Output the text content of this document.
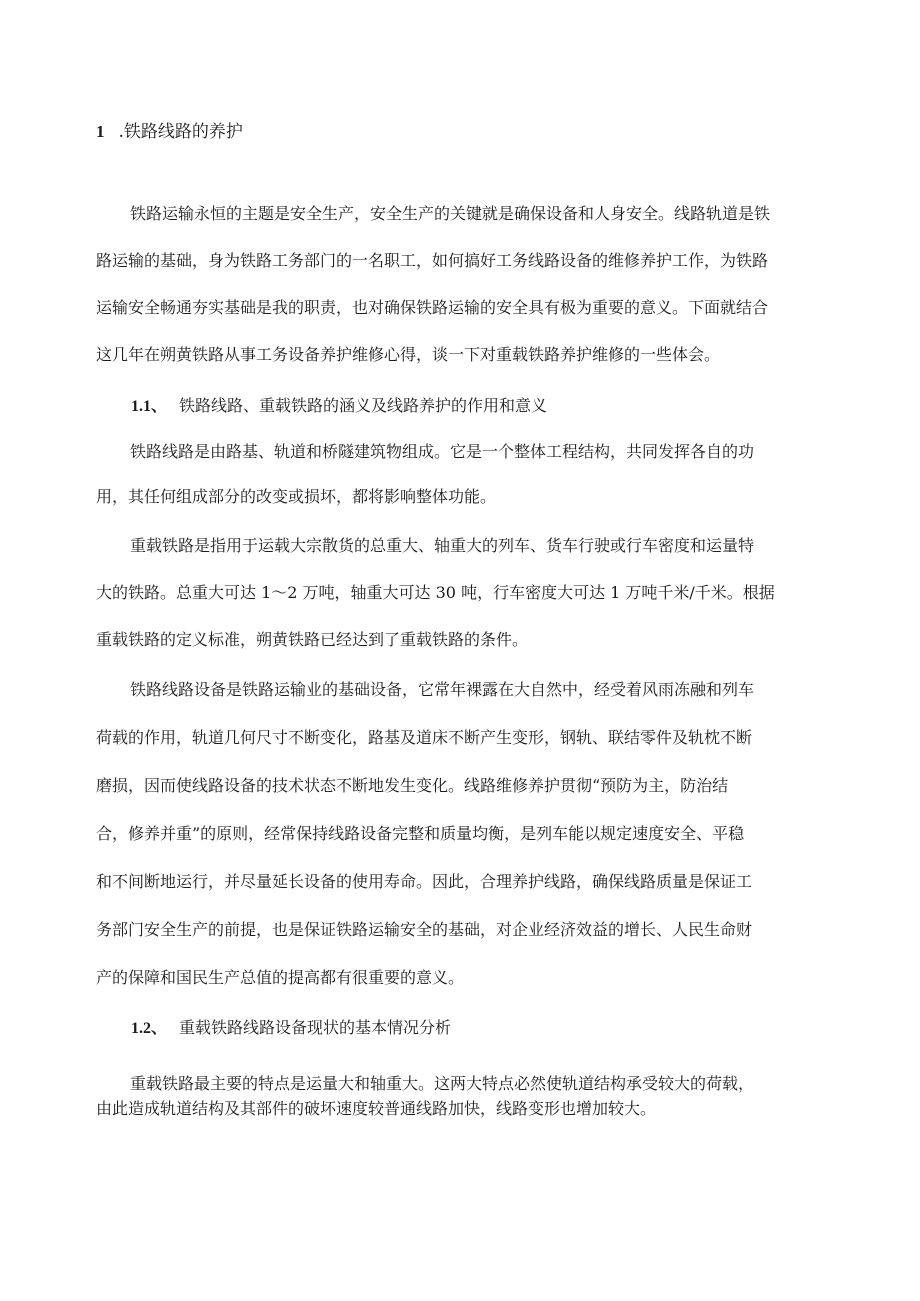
1 .铁路线路的养护

铁路运输永恒的主题是安全生产，安全生产的关键就是确保设备和人身安全。线路轨道是铁

路运输的基础，身为铁路工务部门的一名职工，如何搞好工务线路设备的维修养护工作，为铁路

运输安全畅通夯实基础是我的职责，也对确保铁路运输的安全具有极为重要的意义。下面就结合

这几年在朔黄铁路从事工务设备养护维修心得，谈一下对重载铁路养护维修的一些体会。

1.1、 铁路线路、重载铁路的涵义及线路养护的作用和意义

铁路线路是由路基、轨道和桥隧建筑物组成。它是一个整体工程结构，共同发挥各自的功

用，其任何组成部分的改变或损坏，都将影响整体功能。

重载铁路是指用于运载大宗散货的总重大、轴重大的列车、货车行驶或行车密度和运量特

大的铁路。总重大可达 1～2 万吨，轴重大可达 30 吨，行车密度大可达 1 万吨千米/千米。根据

重载铁路的定义标准，朔黄铁路已经达到了重载铁路的条件。

铁路线路设备是铁路运输业的基础设备，它常年裸露在大自然中，经受着风雨冻融和列车

荷载的作用，轨道几何尺寸不断变化，路基及道床不断产生变形，钢轨、联结零件及轨枕不断

磨损，因而使线路设备的技术状态不断地发生变化。线路维修养护贯彻“预防为主，防治结

合，修养并重”的原则，经常保持线路设备完整和质量均衡，是列车能以规定速度安全、平稳

和不间断地运行，并尽量延长设备的使用寿命。因此，合理养护线路，确保线路质量是保证工

务部门安全生产的前提，也是保证铁路运输安全的基础，对企业经济效益的增长、人民生命财

产的保障和国民生产总值的提高都有很重要的意义。

1.2、 重载铁路线路设备现状的基本情况分析

重载铁路最主要的特点是运量大和轴重大。这两大特点必然使轨道结构承受较大的荷载，

由此造成轨道结构及其部件的破坏速度较普通线路加快，线路变形也增加较大。
